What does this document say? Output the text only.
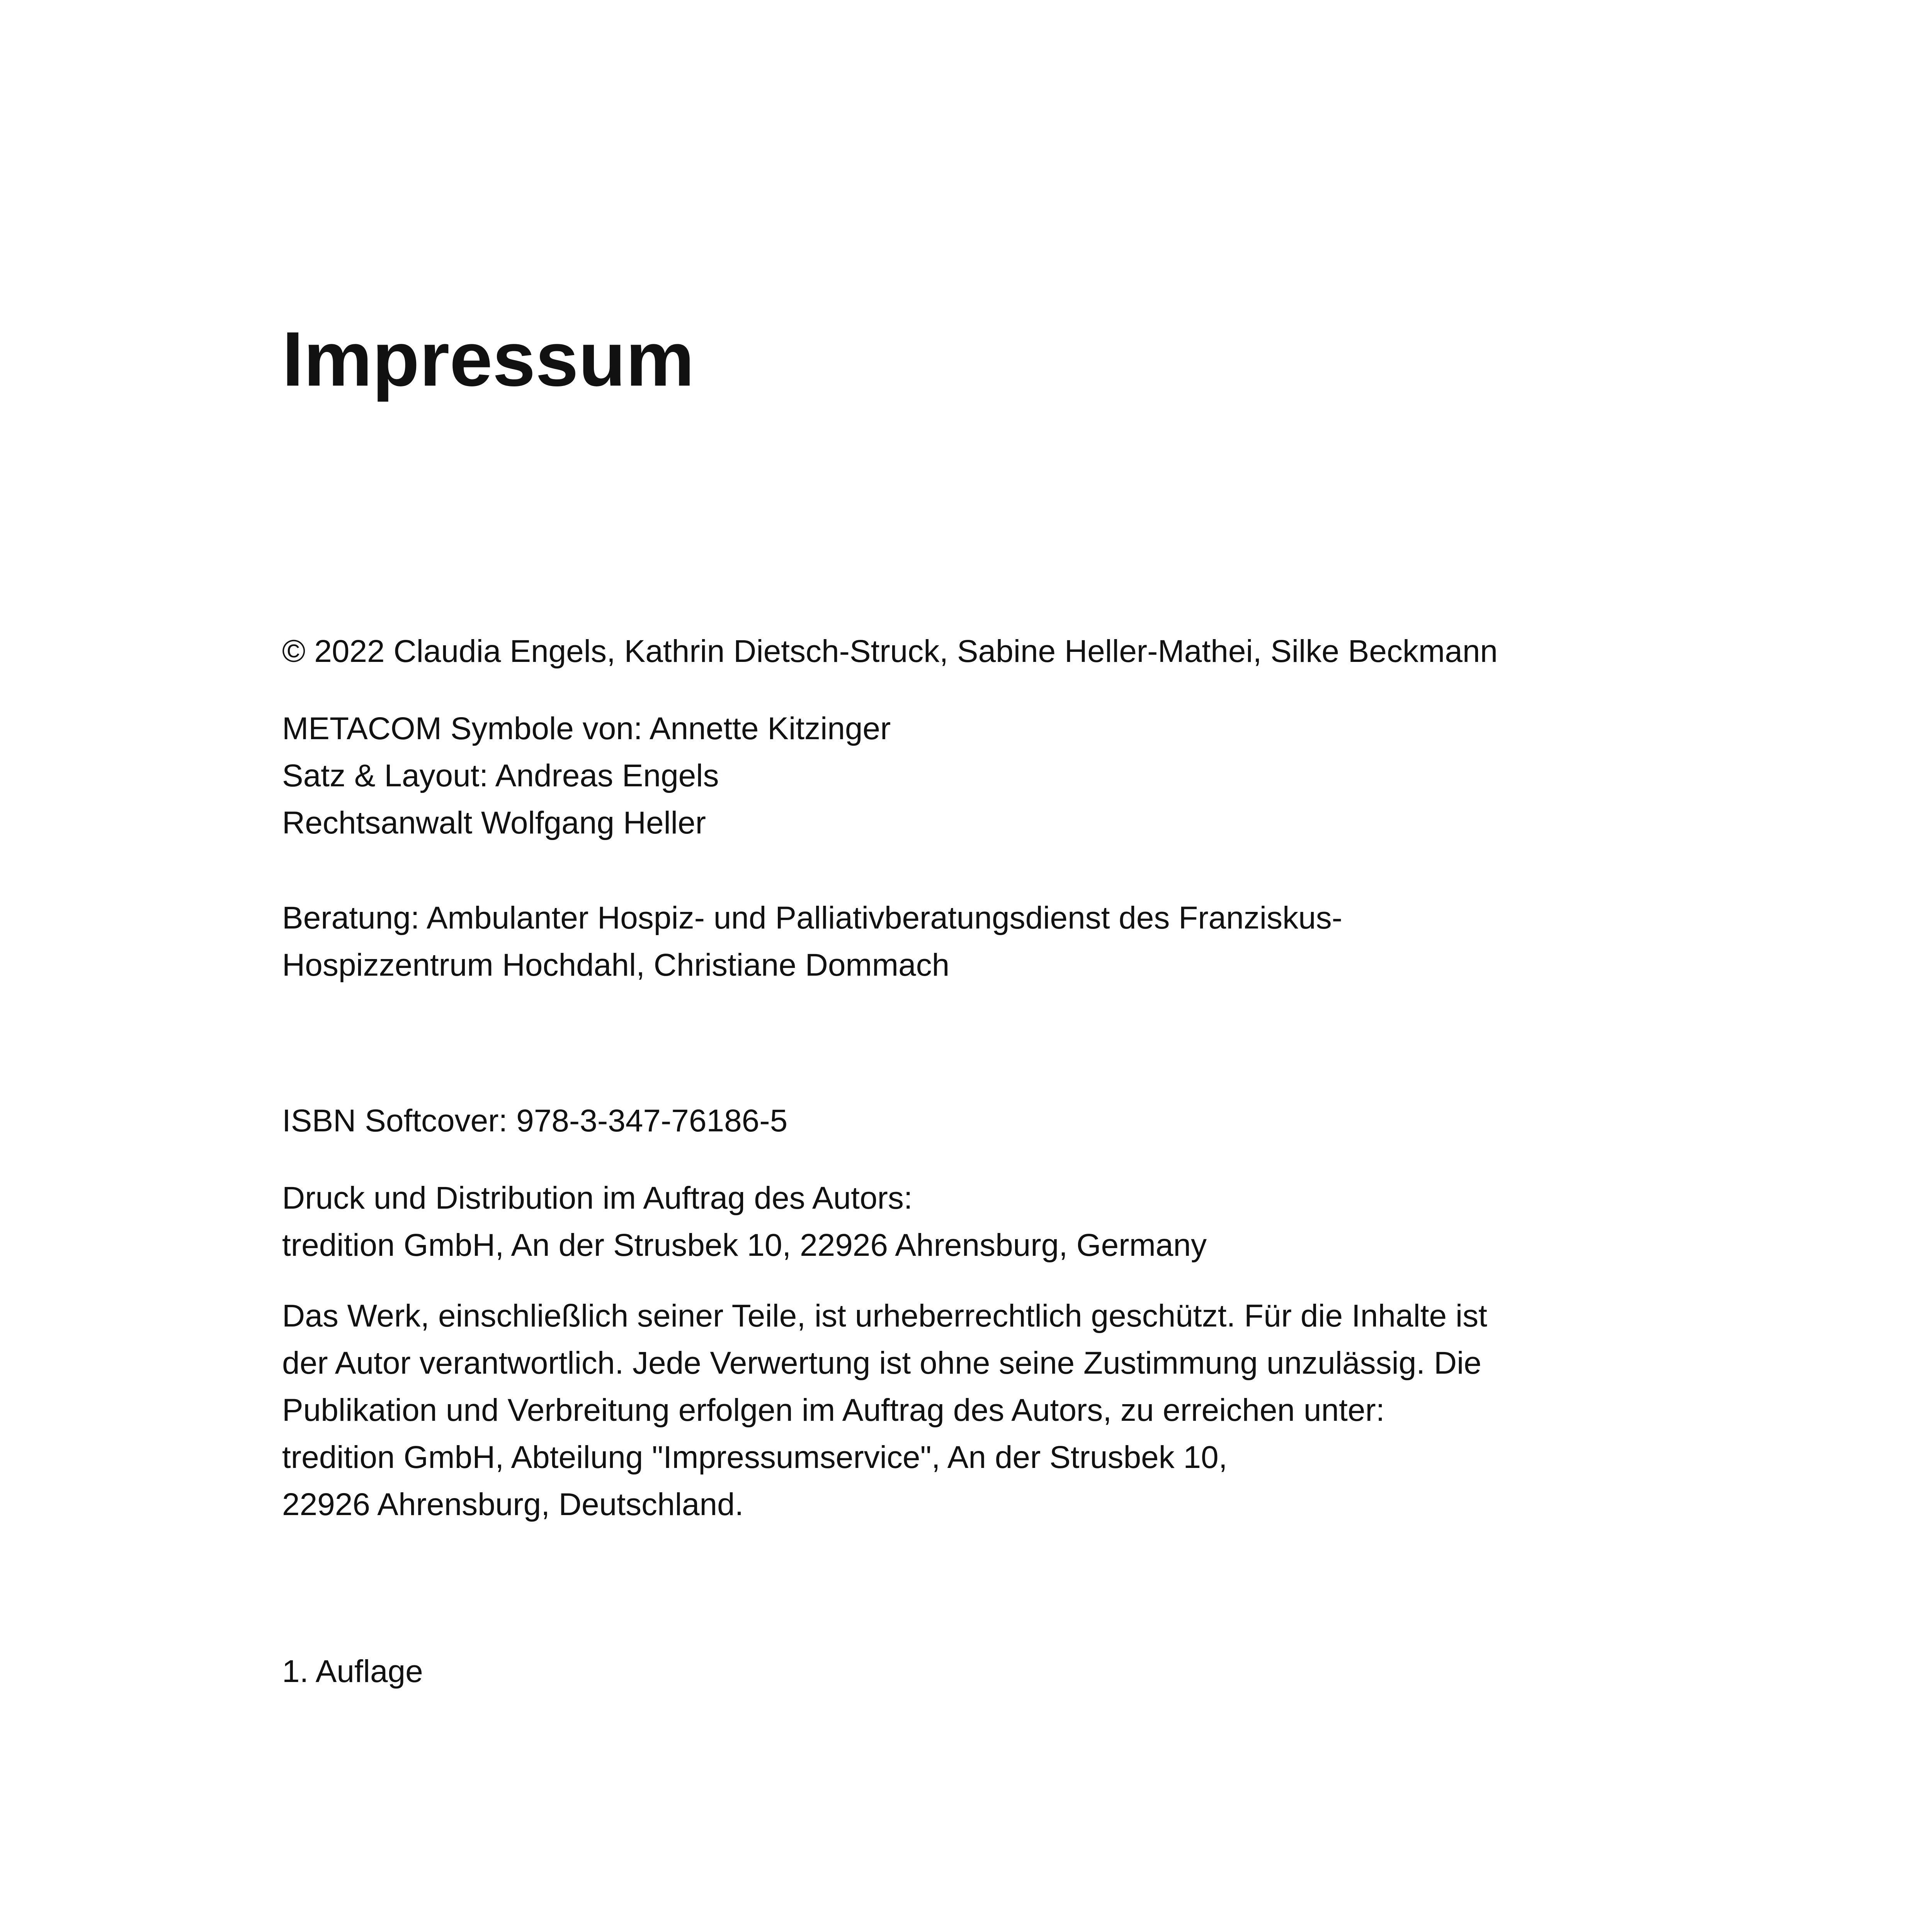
Impressum

© 2022 Claudia Engels, Kathrin Dietsch-Struck, Sabine Heller-Mathei, Silke Beckmann

METACOM Symbole von: Annette Kitzinger

Satz & Layout: Andreas Engels

Rechtsanwalt Wolfgang Heller

Beratung: Ambulanter Hospiz- und Palliativberatungsdienst des Franziskus-

Hospizzentrum Hochdahl, Christiane Dommach

ISBN Softcover: 978-3-347-76186-5

Druck und Distribution im Auftrag des Autors:

tredition GmbH, An der Strusbek 10, 22926 Ahrensburg, Germany

Das Werk, einschließlich seiner Teile, ist urheberrechtlich geschützt. Für die Inhalte ist

der Autor verantwortlich. Jede Verwertung ist ohne seine Zustimmung unzulässig. Die

Publikation und Verbreitung erfolgen im Auftrag des Autors, zu erreichen unter:

tredition GmbH, Abteilung "Impressumservice", An der Strusbek 10,

22926 Ahrensburg, Deutschland.

1. Auflage
